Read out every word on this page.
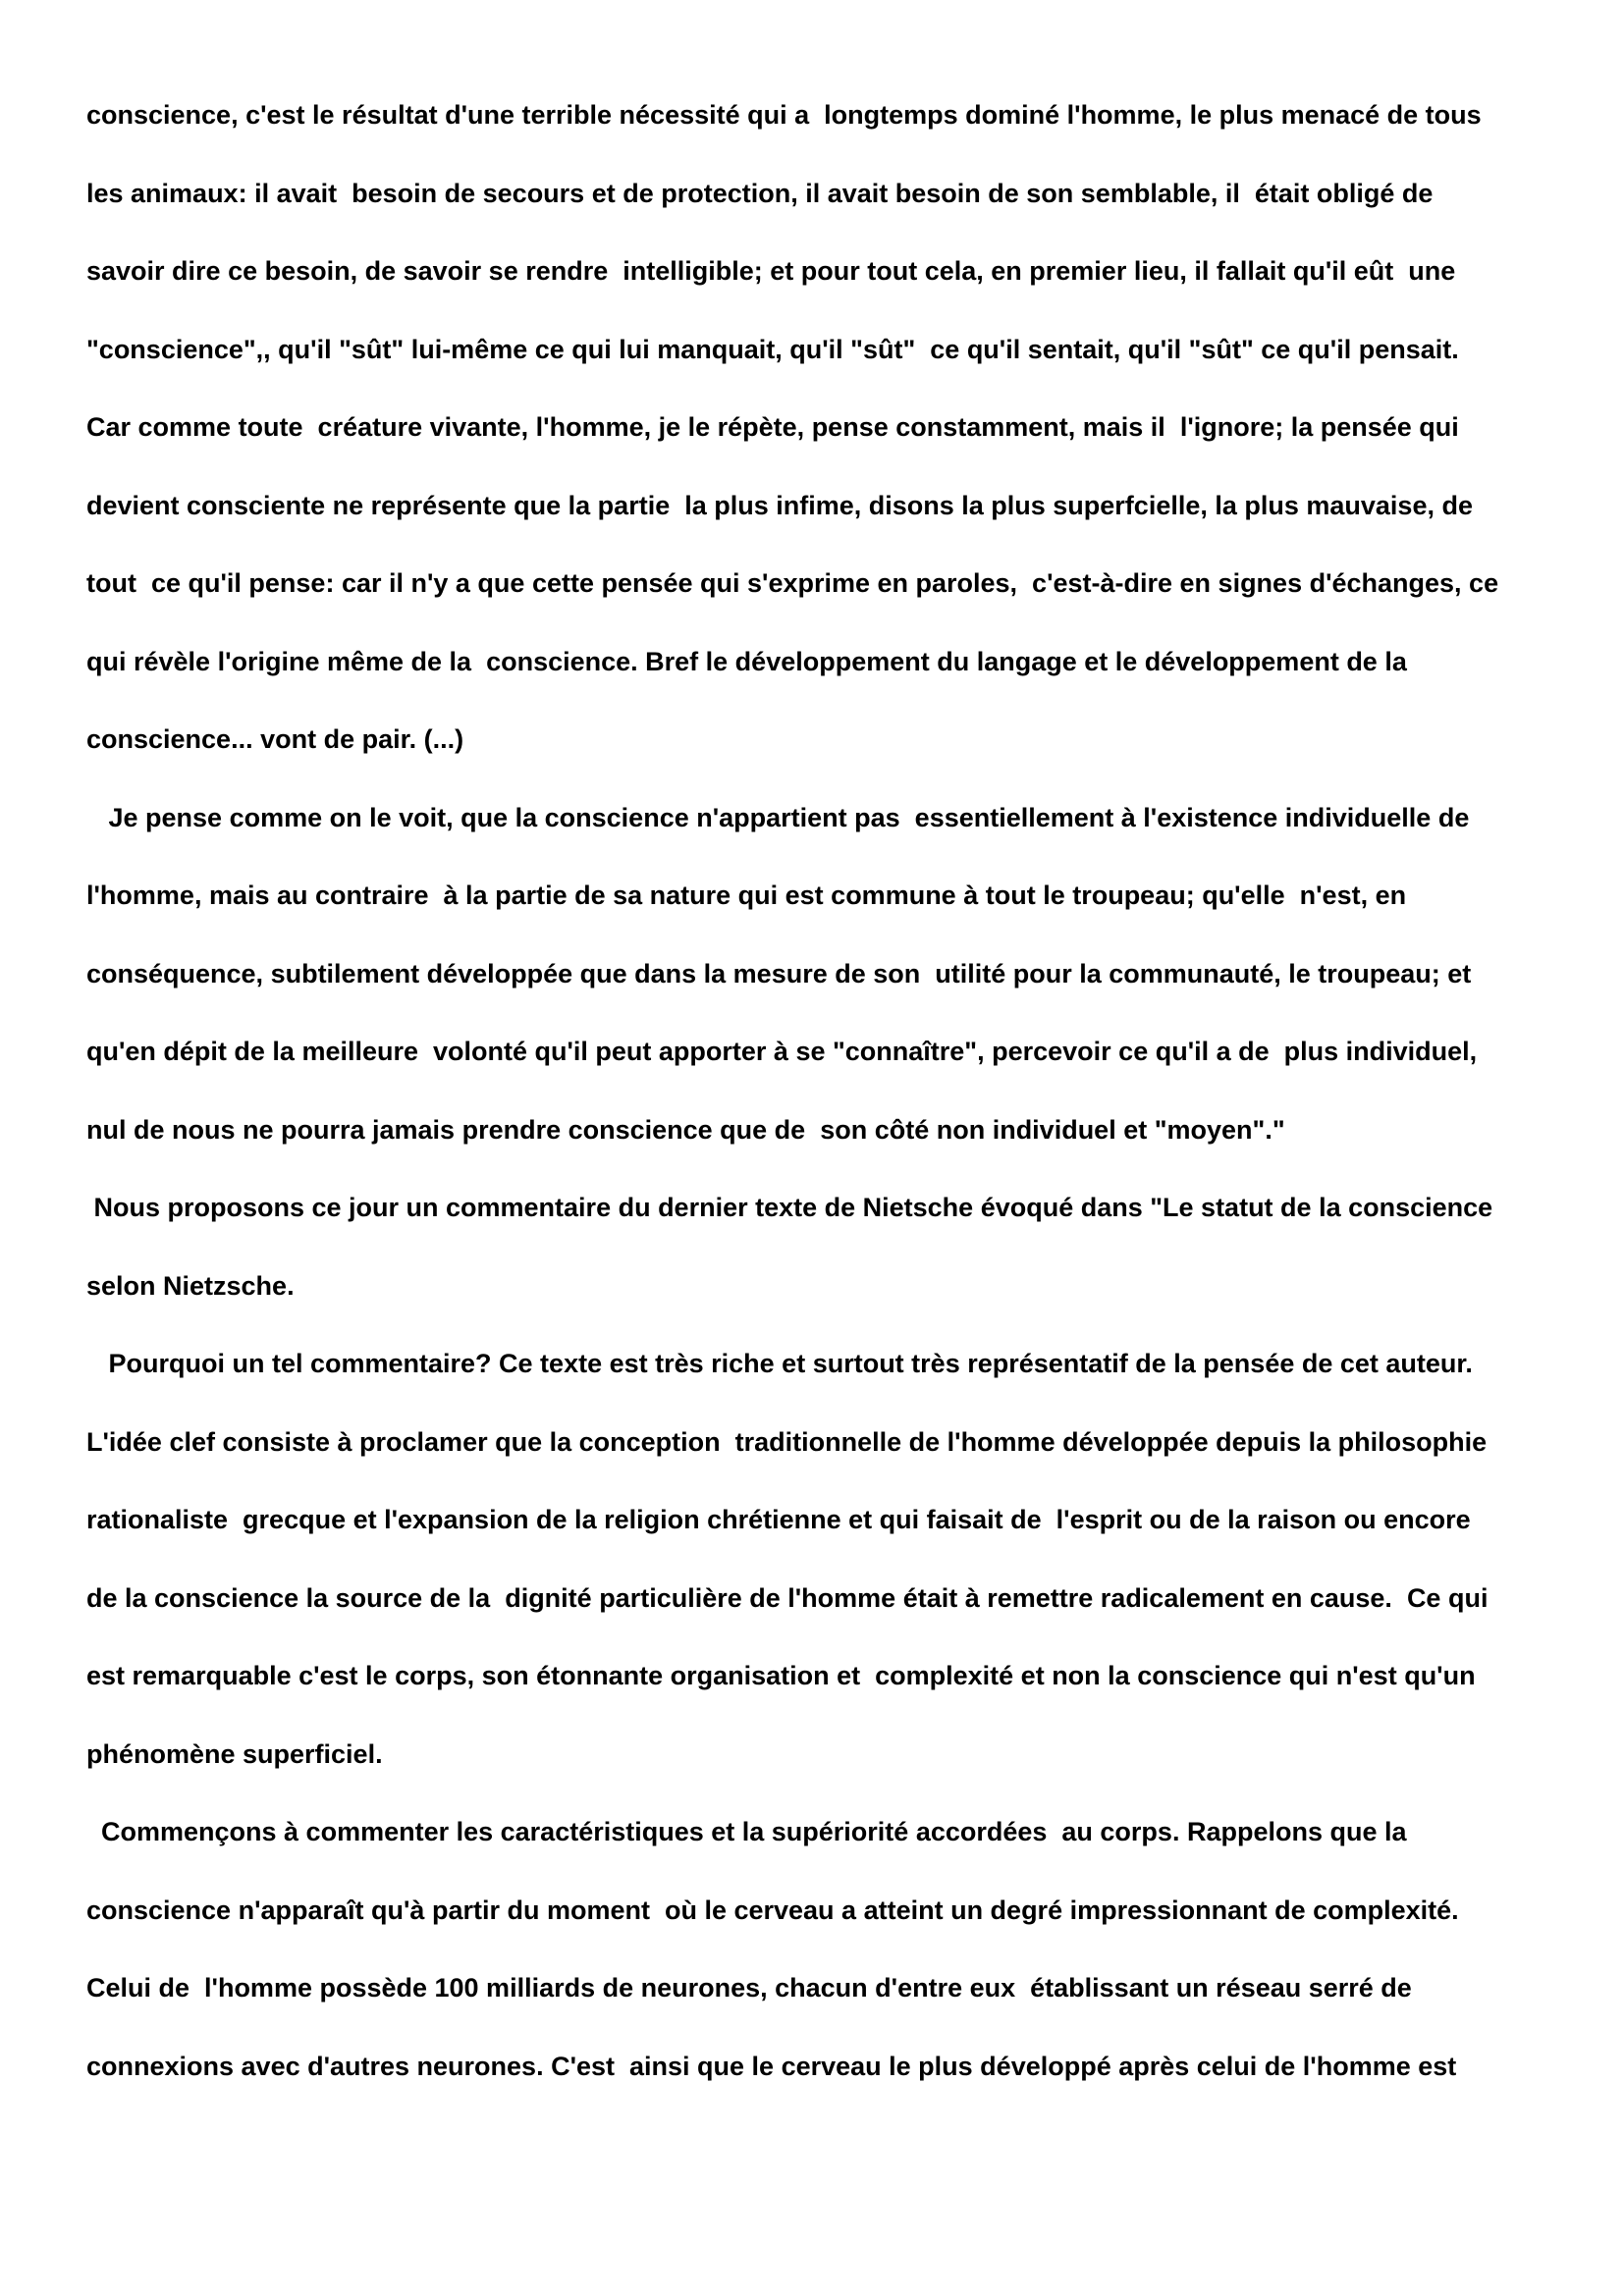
conscience, c'est le résultat d'une terrible nécessité qui a  longtemps dominé l'homme, le plus menacé de tous
les animaux: il avait  besoin de secours et de protection, il avait besoin de son semblable, il  était obligé de
savoir dire ce besoin, de savoir se rendre  intelligible; et pour tout cela, en premier lieu, il fallait qu'il eût  une
"conscience",, qu'il "sût" lui-même ce qui lui manquait, qu'il "sût"  ce qu'il sentait, qu'il "sût" ce qu'il pensait.
Car comme toute  créature vivante, l'homme, je le répète, pense constamment, mais il  l'ignore; la pensée qui
devient consciente ne représente que la partie  la plus infime, disons la plus superfcielle, la plus mauvaise, de
tout  ce qu'il pense: car il n'y a que cette pensée qui s'exprime en paroles,  c'est-à-dire en signes d'échanges, ce
qui révèle l'origine même de la  conscience. Bref le développement du langage et le développement de la
conscience... vont de pair. (...)
Je pense comme on le voit, que la conscience n'appartient pas  essentiellement à l'existence individuelle de
l'homme, mais au contraire  à la partie de sa nature qui est commune à tout le troupeau; qu'elle  n'est, en
conséquence, subtilement développée que dans la mesure de son  utilité pour la communauté, le troupeau; et
qu'en dépit de la meilleure  volonté qu'il peut apporter à se "connaître", percevoir ce qu'il a de  plus individuel,
nul de nous ne pourra jamais prendre conscience que de  son côté non individuel et "moyen"."
Nous proposons ce jour un commentaire du dernier texte de Nietsche évoqué dans "Le statut de la conscience
selon Nietzsche.
Pourquoi un tel commentaire? Ce texte est très riche et surtout très représentatif de la pensée de cet auteur.
L'idée clef consiste à proclamer que la conception  traditionnelle de l'homme développée depuis la philosophie
rationaliste  grecque et l'expansion de la religion chrétienne et qui faisait de  l'esprit ou de la raison ou encore
de la conscience la source de la  dignité particulière de l'homme était à remettre radicalement en cause.  Ce qui
est remarquable c'est le corps, son étonnante organisation et  complexité et non la conscience qui n'est qu'un
phénomène superficiel.
Commençons à commenter les caractéristiques et la supériorité accordées  au corps. Rappelons que la
conscience n'apparaît qu'à partir du moment  où le cerveau a atteint un degré impressionnant de complexité.
Celui de  l'homme possède 100 milliards de neurones, chacun d'entre eux  établissant un réseau serré de
connexions avec d'autres neurones. C'est  ainsi que le cerveau le plus développé après celui de l'homme est
